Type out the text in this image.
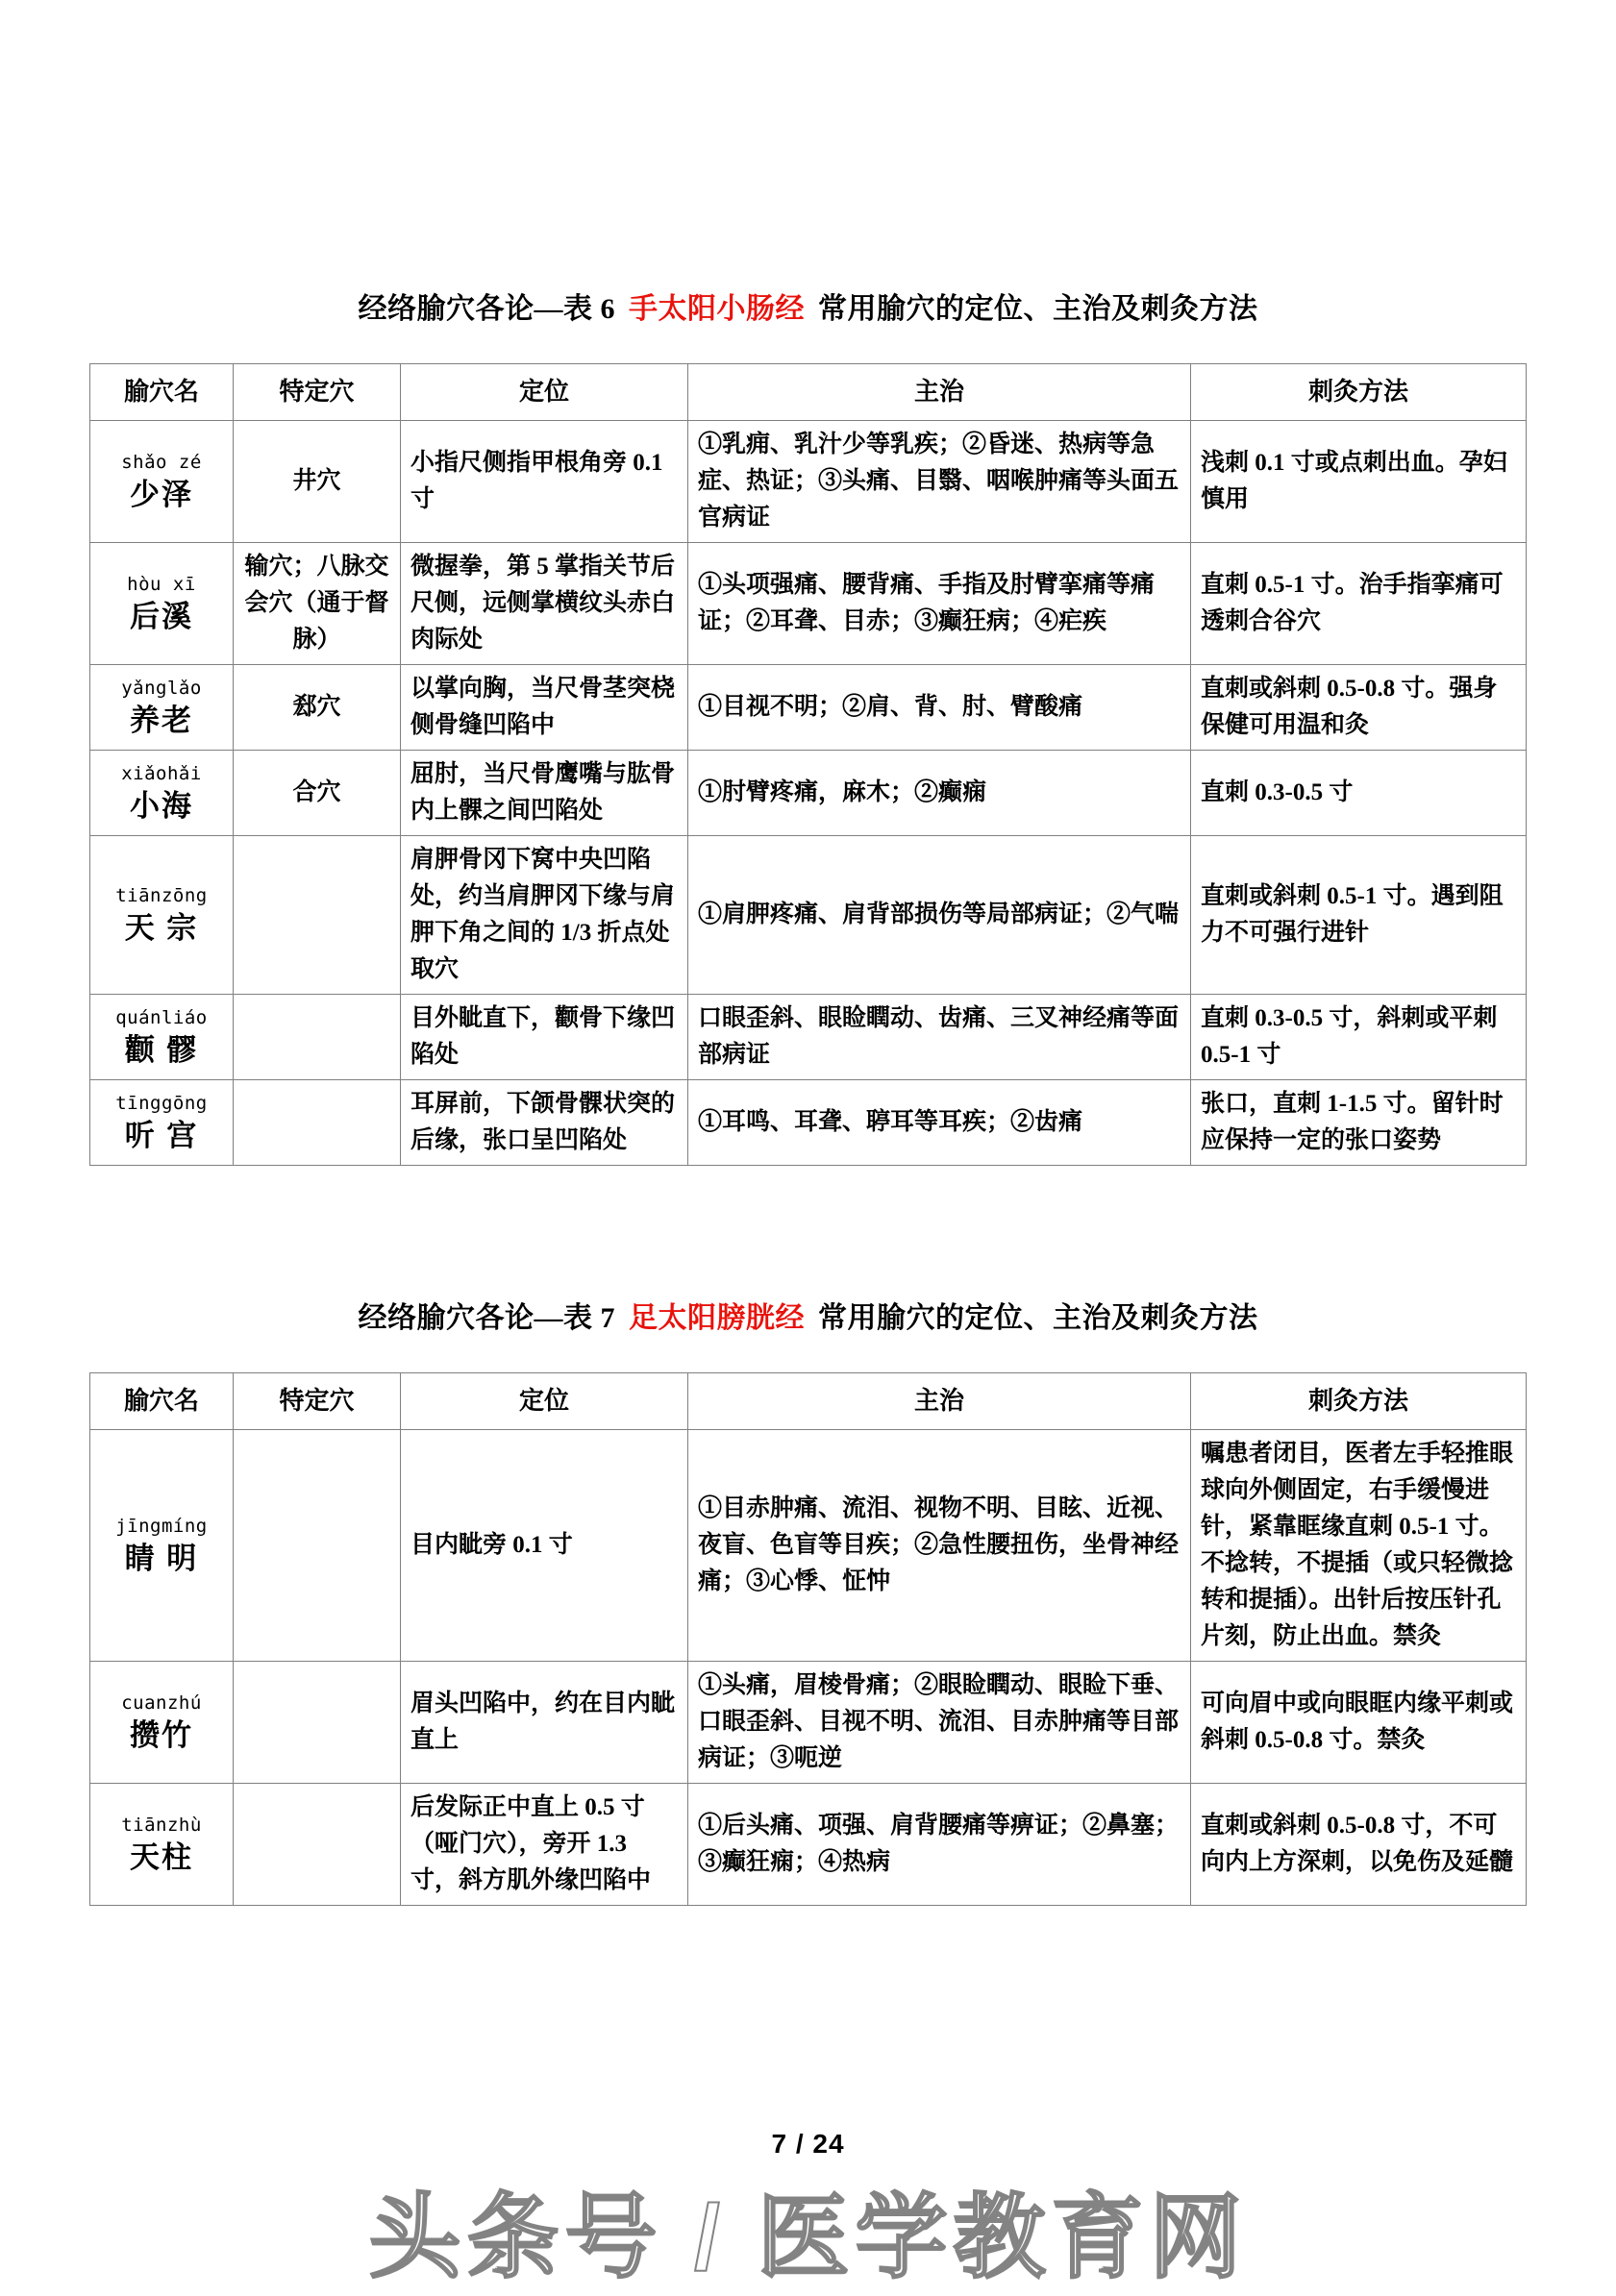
经络腧穴各论—表 6 手太阳小肠经 常用腧穴的定位、主治及刺灸方法
腧穴名	特定穴	定位	主治	刺灸方法

shǎo zé
少泽	井穴	小指尺侧指甲根角旁 0.1 寸	①乳痈、乳汁少等乳疾；②昏迷、热病等急症、热证；③头痛、目翳、咽喉肿痛等头面五官病证	浅刺 0.1 寸或点刺出血。孕妇慎用

hòu xī
后溪	输穴；八脉交会穴（通于督脉）	微握拳，第 5 掌指关节后尺侧，远侧掌横纹头赤白肉际处	①头项强痛、腰背痛、手指及肘臂挛痛等痛证；②耳聋、目赤；③癫狂病；④疟疾	直刺 0.5-1 寸。治手指挛痛可透刺合谷穴

yǎnglǎo
养老	郄穴	以掌向胸，当尺骨茎突桡侧骨缝凹陷中	①目视不明；②肩、背、肘、臂酸痛	直刺或斜刺 0.5-0.8 寸。强身保健可用温和灸

xiǎohǎi
小海	合穴	屈肘，当尺骨鹰嘴与肱骨内上髁之间凹陷处	①肘臂疼痛，麻木；②癫痫	直刺 0.3-0.5 寸

tiānzōng
天 宗		肩胛骨冈下窝中央凹陷处，约当肩胛冈下缘与肩胛下角之间的 1/3 折点处取穴	①肩胛疼痛、肩背部损伤等局部病证；②气喘	直刺或斜刺 0.5-1 寸。遇到阻力不可强行进针

quánliáo
颧 髎		目外眦直下，颧骨下缘凹陷处	口眼歪斜、眼睑瞤动、齿痛、三叉神经痛等面部病证	直刺 0.3-0.5 寸，斜刺或平刺 0.5-1 寸

tīnggōng
听 宫		耳屏前，下颌骨髁状突的后缘，张口呈凹陷处	①耳鸣、耳聋、聤耳等耳疾；②齿痛	张口，直刺 1-1.5 寸。留针时应保持一定的张口姿势
经络腧穴各论—表 7 足太阳膀胱经 常用腧穴的定位、主治及刺灸方法
腧穴名	特定穴	定位	主治	刺灸方法

jīngmíng
睛 明		目内眦旁 0.1 寸	①目赤肿痛、流泪、视物不明、目眩、近视、夜盲、色盲等目疾；②急性腰扭伤，坐骨神经痛；③心悸、怔忡	嘱患者闭目，医者左手轻推眼球向外侧固定，右手缓慢进针，紧靠眶缘直刺 0.5-1 寸。不捻转，不提插（或只轻微捻转和提插）。出针后按压针孔片刻，防止出血。禁灸

cuanzhú
攒竹		眉头凹陷中，约在目内眦直上	①头痛，眉棱骨痛；②眼睑瞤动、眼睑下垂、口眼歪斜、目视不明、流泪、目赤肿痛等目部病证；③呃逆	可向眉中或向眼眶内缘平刺或斜刺 0.5-0.8 寸。禁灸

tiānzhù
天柱		后发际正中直上 0.5 寸（哑门穴），旁开 1.3 寸，斜方肌外缘凹陷中	①后头痛、项强、肩背腰痛等痹证；②鼻塞；③癫狂痫；④热病	直刺或斜刺 0.5-0.8 寸，不可向内上方深刺，以免伤及延髓
7 / 24
头条号 / 医学教育网
